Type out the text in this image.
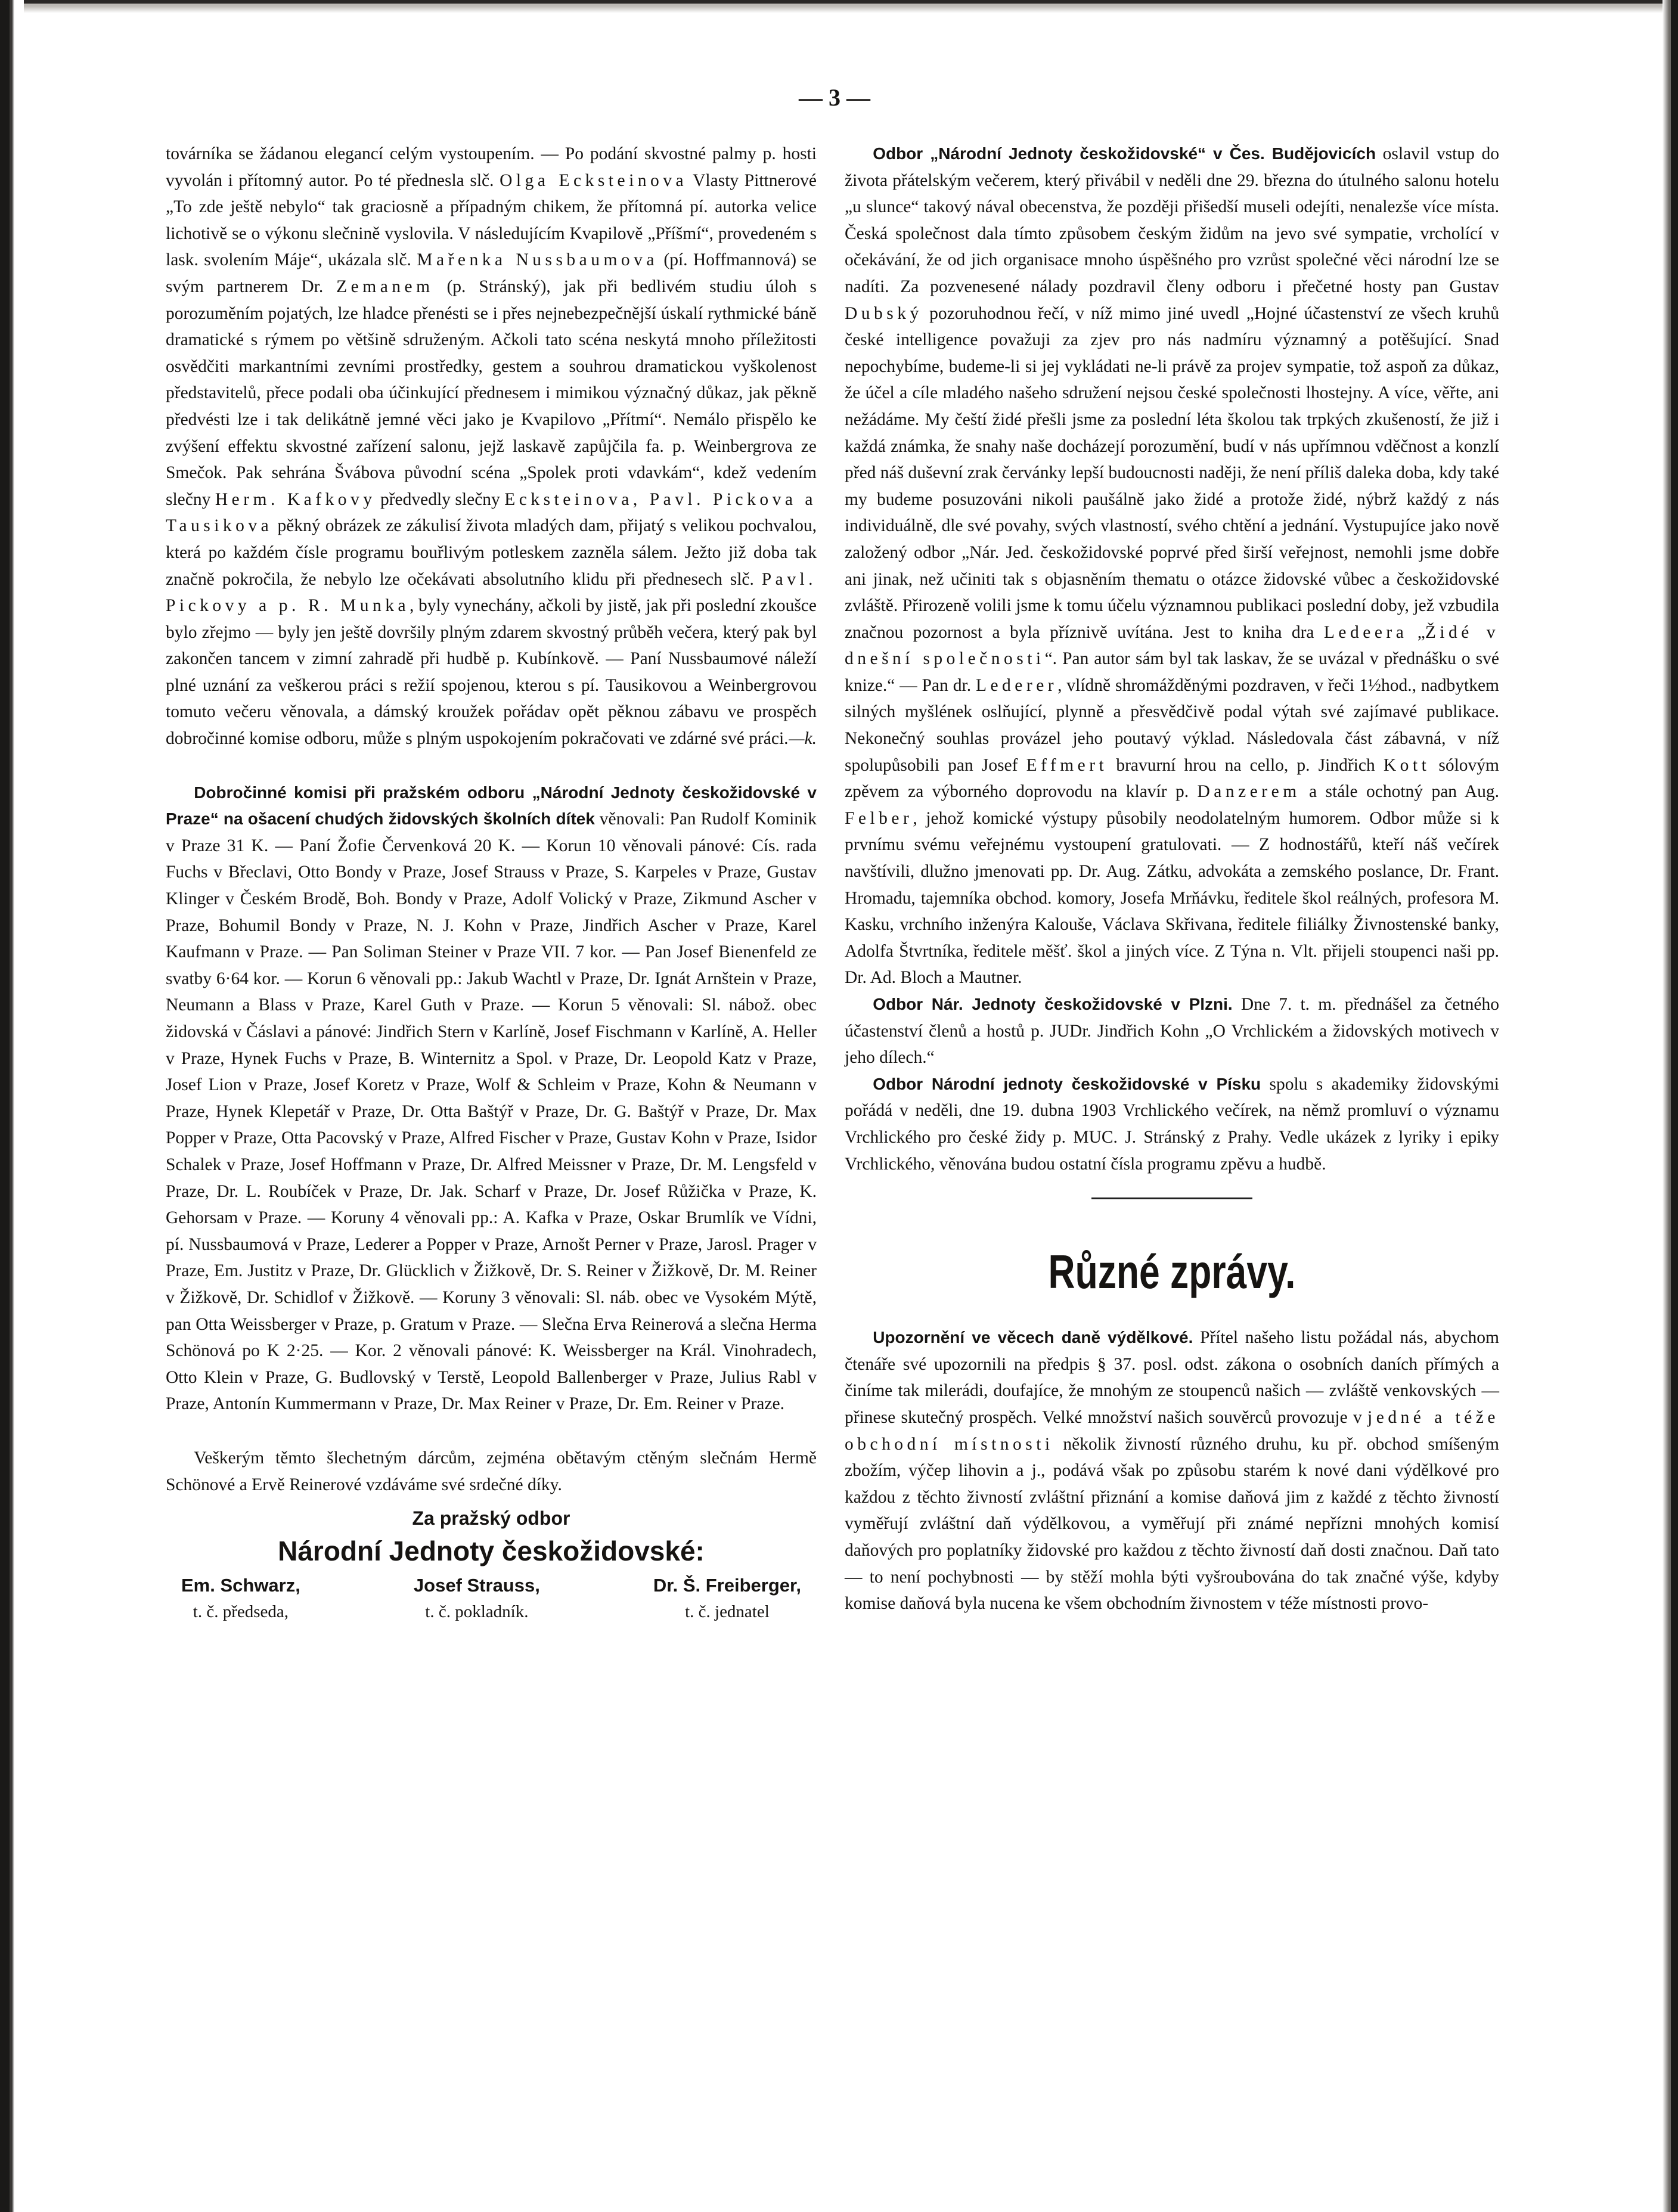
— 3 —

továrníka se žádanou elegancí celým vystoupením. — Po podání skvostné palmy p. hosti vyvolán i přítomný autor. Po té přednesla slč. Olga Ecksteinova Vlasty Pittnerové „To zde ještě nebylo“ tak graciosně a případným chikem, že přítomná pí. autorka velice lichotivě se o výkonu slečnině vyslovila. V následujícím Kvapilově „Příšmí“, provedeném s lask. svolením Máje“, ukázala slč. Mařenka Nussbaumova (pí. Hoffmannová) se svým partnerem Dr. Zemanem (p. Stránský), jak při bedlivém studiu úloh s porozuměním pojatých, lze hladce přenésti se i přes nejnebezpečnější úskalí rythmické báně dramatické s rýmem po většině sdruženým. Ačkoli tato scéna neskytá mnoho příležitosti osvědčiti markantními zevními prostředky, gestem a souhrou dramatickou vyškolenost představitelů, přece podali oba účinkující přednesem i mimikou význačný důkaz, jak pěkně předvésti lze i tak delikátně jemné věci jako je Kvapilovo „Přítmí“. Nemálo přispělo ke zvýšení effektu skvostné zařízení salonu, jejž laskavě zapůjčila fa. p. Weinbergrova ze Smečok. Pak sehrána Švábova původní scéna „Spolek proti vdavkám“, kdež vedením slečny Herm. Kafkovy předvedly slečny Ecksteinova, Pavl. Pickova a Tausikova pěkný obrázek ze zákulisí života mladých dam, přijatý s velikou pochvalou, která po každém čísle programu bouřlivým potleskem zazněla sálem. Ježto již doba tak značně pokročila, že nebylo lze očekávati absolutního klidu při přednesech slč. Pavl. Pickovy a p. R. Munka, byly vynechány, ačkoli by jistě, jak při poslední zkoušce bylo zřejmo — byly jen ještě dovršily plným zdarem skvostný průběh večera, který pak byl zakončen tancem v zimní zahradě při hudbě p. Kubínkově. — Paní Nussbaumové náleží plné uznání za veškerou práci s režií spojenou, kterou s pí. Tausikovou a Weinbergrovou tomuto večeru věnovala, a dámský kroužek pořádav opět pěknou zábavu ve prospěch dobročinné komise odboru, může s plným uspokojením pokračovati ve zdárné své práci. —k.

Dobročinné komisi při pražském odboru „Národní Jednoty českožidovské v Praze“ na ošacení chudých židovských školních dítek věnovali: Pan Rudolf Kominik v Praze 31 K. — Paní Žofie Červenková 20 K. — Korun 10 věnovali pánové: Cís. rada Fuchs v Břeclavi, Otto Bondy v Praze, Josef Strauss v Praze, S. Karpeles v Praze, Gustav Klinger v Českém Brodě, Boh. Bondy v Praze, Adolf Volický v Praze, Zikmund Ascher v Praze, Bohumil Bondy v Praze, N. J. Kohn v Praze, Jindřich Ascher v Praze, Karel Kaufmann v Praze. — Pan Soliman Steiner v Praze VII. 7 kor. — Pan Josef Bienenfeld ze svatby 6·64 kor. — Korun 6 věnovali pp.: Jakub Wachtl v Praze, Dr. Ignát Arnštein v Praze, Neumann a Blass v Praze, Karel Guth v Praze. — Korun 5 věnovali: Sl. nábož. obec židovská v Čáslavi a pánové: Jindřich Stern v Karlíně, Josef Fischmann v Karlíně, A. Heller v Praze, Hynek Fuchs v Praze, B. Winternitz a Spol. v Praze, Dr. Leopold Katz v Praze, Josef Lion v Praze, Josef Koretz v Praze, Wolf & Schleim v Praze, Kohn & Neumann v Praze, Hynek Klepetář v Praze, Dr. Otta Baštýř v Praze, Dr. G. Baštýř v Praze, Dr. Max Popper v Praze, Otta Pacovský v Praze, Alfred Fischer v Praze, Gustav Kohn v Praze, Isidor Schalek v Praze, Josef Hoffmann v Praze, Dr. Alfred Meissner v Praze, Dr. M. Lengsfeld v Praze, Dr. L. Roubíček v Praze, Dr. Jak. Scharf v Praze, Dr. Josef Růžička v Praze, K. Gehorsam v Praze. — Koruny 4 věnovali pp.: A. Kafka v Praze, Oskar Brumlík ve Vídni, pí. Nussbaumová v Praze, Lederer a Popper v Praze, Arnošt Perner v Praze, Jarosl. Prager v Praze, Em. Justitz v Praze, Dr. Glücklich v Žižkově, Dr. S. Reiner v Žižkově, Dr. M. Reiner v Žižkově, Dr. Schidlof v Žižkově. — Koruny 3 věnovali: Sl. náb. obec ve Vysokém Mýtě, pan Otta Weissberger v Praze, p. Gratum v Praze. — Slečna Erva Reinerová a slečna Herma Schönová po K 2·25. — Kor. 2 věnovali pánové: K. Weissberger na Král. Vinohradech, Otto Klein v Praze, G. Budlovský v Terstě, Leopold Ballenberger v Praze, Julius Rabl v Praze, Antonín Kummermann v Praze, Dr. Max Reiner v Praze, Dr. Em. Reiner v Praze.

Veškerým těmto šlechetným dárcům, zejména obětavým ctěným slečnám Hermě Schönové a Ervě Reinerové vzdáváme své srdečné díky.

Za pražský odbor

Národní Jednoty českožidovské:

Em. Schwarz,
t. č. předseda,
Josef Strauss,
t. č. pokladník.
Dr. Š. Freiberger,
t. č. jednatel

Odbor „Národní Jednoty českožidovské“ v Čes. Budějovicích oslavil vstup do života přátelským večerem, který přivábil v neděli dne 29. března do útulného salonu hotelu „u slunce“ takový nával obecenstva, že později přišedší museli odejíti, nenalezše více místa. Česká společnost dala tímto způsobem českým židům na jevo své sympatie, vrcholící v očekávání, že od jich organisace mnoho úspěšného pro vzrůst společné věci národní lze se nadíti. Za pozvenesené nálady pozdravil členy odboru i přečetné hosty pan Gustav Dubský pozoruhodnou řečí, v níž mimo jiné uvedl „Hojné účastenství ze všech kruhů české intelligence považuji za zjev pro nás nadmíru významný a potěšující. Snad nepochybíme, budeme-li si jej vykládati ne-li právě za projev sympatie, tož aspoň za důkaz, že účel a cíle mladého našeho sdružení nejsou české společnosti lhostejny. A více, věřte, ani nežádáme. My čeští židé přešli jsme za poslední léta školou tak trpkých zkušeností, že již i každá známka, že snahy naše docházejí porozumění, budí v nás upřímnou vděčnost a konzlí před náš duševní zrak červánky lepší budoucnosti naději, že není příliš daleka doba, kdy také my budeme posuzováni nikoli paušálně jako židé a protože židé, nýbrž každý z nás individuálně, dle své povahy, svých vlastností, svého chtění a jednání. Vystupujíce jako nově založený odbor „Nár. Jed. českožidovské poprvé před širší veřejnost, nemohli jsme dobře ani jinak, než učiniti tak s objasněním thematu o otázce židovské vůbec a českožidovské zvláště. Přirozeně volili jsme k tomu účelu významnou publikaci poslední doby, jež vzbudila značnou pozornost a byla příznivě uvítána. Jest to kniha dra Ledeera „Židé v dnešní společnosti“. Pan autor sám byl tak laskav, že se uvázal v přednášku o své knize.“ — Pan dr. Lederer, vlídně shromážděnými pozdraven, v řeči 1½hod., nadbytkem silných myšlének oslňující, plynně a přesvědčivě podal výtah své zajímavé publikace. Nekonečný souhlas provázel jeho poutavý výklad. Následovala část zábavná, v níž spolupůsobili pan Josef Effmert bravurní hrou na cello, p. Jindřich Kott sólovým zpěvem za výborného doprovodu na klavír p. Danzerem a stále ochotný pan Aug. Felber, jehož komické výstupy působily neodolatelným humorem. Odbor může si k prvnímu svému veřejnému vystoupení gratulovati. — Z hodnostářů, kteří náš večírek navštívili, dlužno jmenovati pp. Dr. Aug. Zátku, advokáta a zemského poslance, Dr. Frant. Hromadu, tajemníka obchod. komory, Josefa Mrňávku, ředitele škol reálných, profesora M. Kasku, vrchního inženýra Kalouše, Václava Skřivana, ředitele filiálky Živnostenské banky, Adolfa Štvrtníka, ředitele měšť. škol a jiných více. Z Týna n. Vlt. přijeli stoupenci naši pp. Dr. Ad. Bloch a Mautner.

Odbor Nár. Jednoty českožidovské v Plzni. Dne 7. t. m. přednášel za četného účastenství členů a hostů p. JUDr. Jindřich Kohn „O Vrchlickém a židovských motivech v jeho dílech.“

Odbor Národní jednoty českožidovské v Písku spolu s akademiky židovskými pořádá v neděli, dne 19. dubna 1903 Vrchlického večírek, na němž promluví o významu Vrchlického pro české židy p. MUC. J. Stránský z Prahy. Vedle ukázek z lyriky i epiky Vrchlického, věnována budou ostatní čísla programu zpěvu a hudbě.

Různé zprávy.

Upozornění ve věcech daně výdělkové. Přítel našeho listu požádal nás, abychom čtenáře své upozornili na předpis § 37. posl. odst. zákona o osobních daních přímých a činíme tak milerádi, doufajíce, že mnohým ze stoupenců našich — zvláště venkovských — přinese skutečný prospěch. Velké množství našich souvěrců provozuje v jedné a téže obchodní místnosti několik živností různého druhu, ku př. obchod smíšeným zbožím, výčep lihovin a j., podává však po způsobu starém k nové dani výdělkové pro každou z těchto živností zvláštní přiznání a komise daňová jim z každé z těchto živností vyměřují zvláštní daň výdělkovou, a vyměřují při známé nepřízni mnohých komisí daňových pro poplatníky židovské pro každou z těchto živností daň dosti značnou. Daň tato — to není pochybnosti — by stěží mohla býti vyšroubována do tak značné výše, kdyby komise daňová byla nucena ke všem obchodním živnostem v téže místnosti provo-
